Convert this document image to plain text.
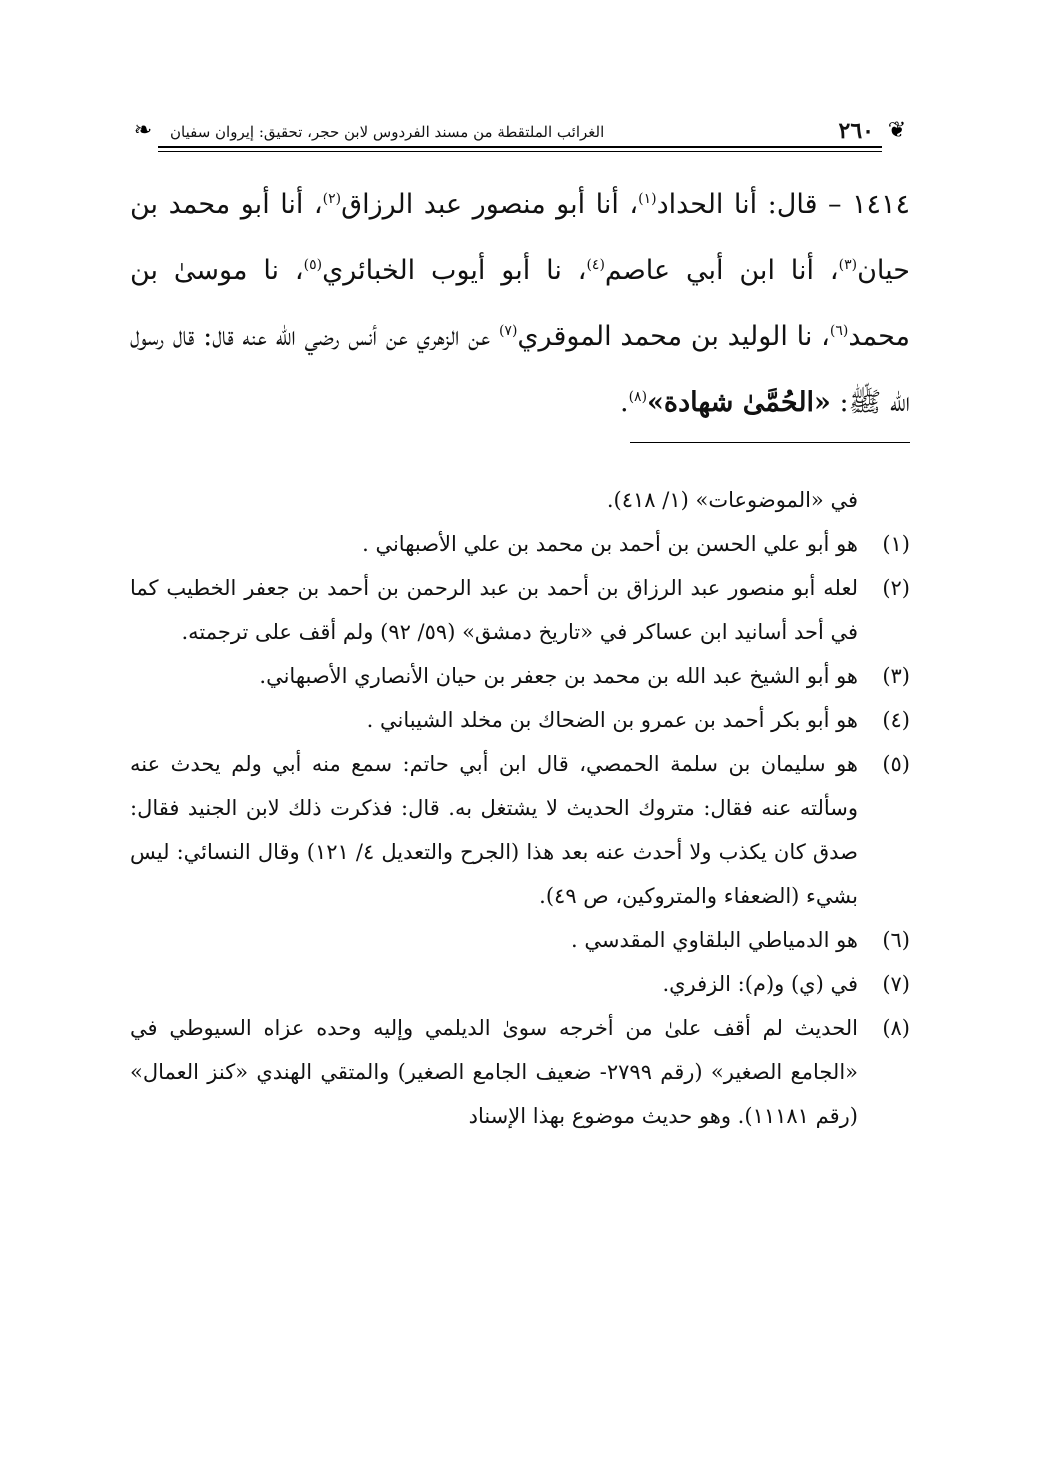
❦
٢٦٠
الغرائب الملتقطة من مسند الفردوس لابن حجر، تحقيق: إيروان سفيان
❧

١٤١٤ – قال: أنا الحداد$^{(١)}$، أنا أبو منصور عبد الرزاق$^{(٢)}$، أنا أبو محمد بن حيان$^{(٣)}$، أنا ابن أبي عاصم$^{(٤)}$، نا أبو أيوب الخبائري$^{(٥)}$، نا موسىٰ بن محمد$^{(٦)}$، نا الوليد بن محمد الموقري$^{(٧)}$ عن الزهري عن أنس رضي الله عنه قال: قال رسول الله ﷺ: «الحُمَّىٰ شهادة»$^{(٨)}$.

في «الموضوعات» (١/ ٤١٨).

(١)
هو أبو علي الحسن بن أحمد بن محمد بن علي الأصبهاني .
(٢)
لعله أبو منصور عبد الرزاق بن أحمد بن عبد الرحمن بن أحمد بن جعفر الخطيب كما في أحد أسانيد ابن عساكر في «تاريخ دمشق» (٥٩/ ٩٢) ولم أقف على ترجمته.
(٣)
هو أبو الشيخ عبد الله بن محمد بن جعفر بن حيان الأنصاري الأصبهاني.
(٤)
هو أبو بكر أحمد بن عمرو بن الضحاك بن مخلد الشيباني .
(٥)
هو سليمان بن سلمة الحمصي، قال ابن أبي حاتم: سمع منه أبي ولم يحدث عنه وسألته عنه فقال: متروك الحديث لا يشتغل به. قال: فذكرت ذلك لابن الجنيد فقال: صدق كان يكذب ولا أحدث عنه بعد هذا (الجرح والتعديل ٤/ ١٢١) وقال النسائي: ليس بشيء (الضعفاء والمتروكين، ص ٤٩).
(٦)
هو الدمياطي البلقاوي المقدسي .
(٧)
في (ي) و(م): الزفري.
(٨)
الحديث لم أقف علىٰ من أخرجه سوىٰ الديلمي وإليه وحده عزاه السيوطي في «الجامع الصغير» (رقم ٢٧٩٩- ضعيف الجامع الصغير) والمتقي الهندي «كنز العمال» (رقم ١١١٨١). وهو حديث موضوع بهذا الإسناد
